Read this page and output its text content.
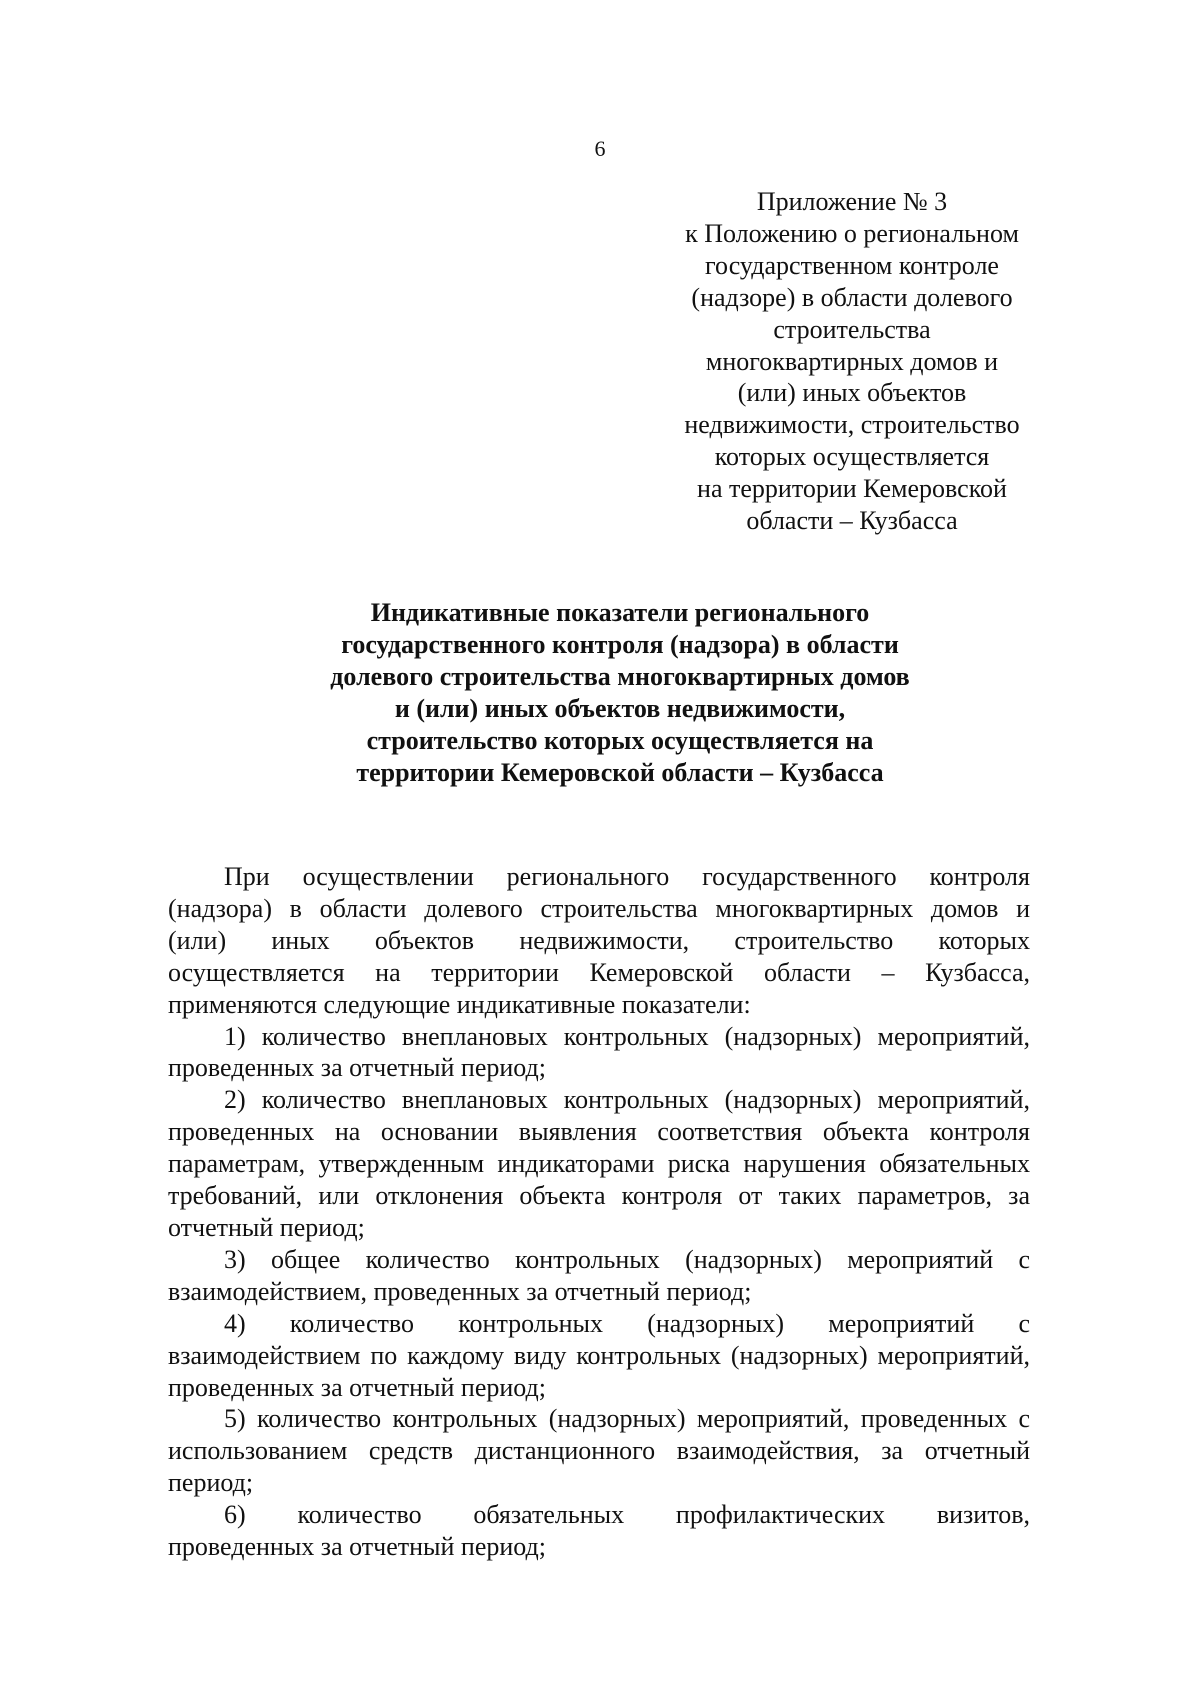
6
Приложение № 3
к Положению о региональном
государственном контроле
(надзоре) в области долевого
строительства
многоквартирных домов и
(или) иных объектов
недвижимости, строительство
которых осуществляется
на территории Кемеровской
области – Кузбасса
Индикативные показатели регионального
государственного контроля (надзора) в области
долевого строительства многоквартирных домов
и (или) иных объектов недвижимости,
строительство которых осуществляется на
территории Кемеровской области – Кузбасса
При осуществлении регионального государственного контроля
(надзора) в области долевого строительства многоквартирных домов и
(или) иных объектов недвижимости, строительство которых
осуществляется на территории Кемеровской области – Кузбасса,
применяются следующие индикативные показатели:
1) количество внеплановых контрольных (надзорных) мероприятий, проведенных за отчетный период;
2) количество внеплановых контрольных (надзорных) мероприятий, проведенных на основании выявления соответствия объекта контроля параметрам, утвержденным индикаторами риска нарушения обязательных требований, или отклонения объекта контроля от таких параметров, за отчетный период;
3) общее количество контрольных (надзорных) мероприятий с взаимодействием, проведенных за отчетный период;
4) количество контрольных (надзорных) мероприятий с взаимодействием по каждому виду контрольных (надзорных) мероприятий, проведенных за отчетный период;
5) количество контрольных (надзорных) мероприятий, проведенных с использованием средств дистанционного взаимодействия, за отчетный период;
6) количество обязательных профилактических визитов,
проведенных за отчетный период;
